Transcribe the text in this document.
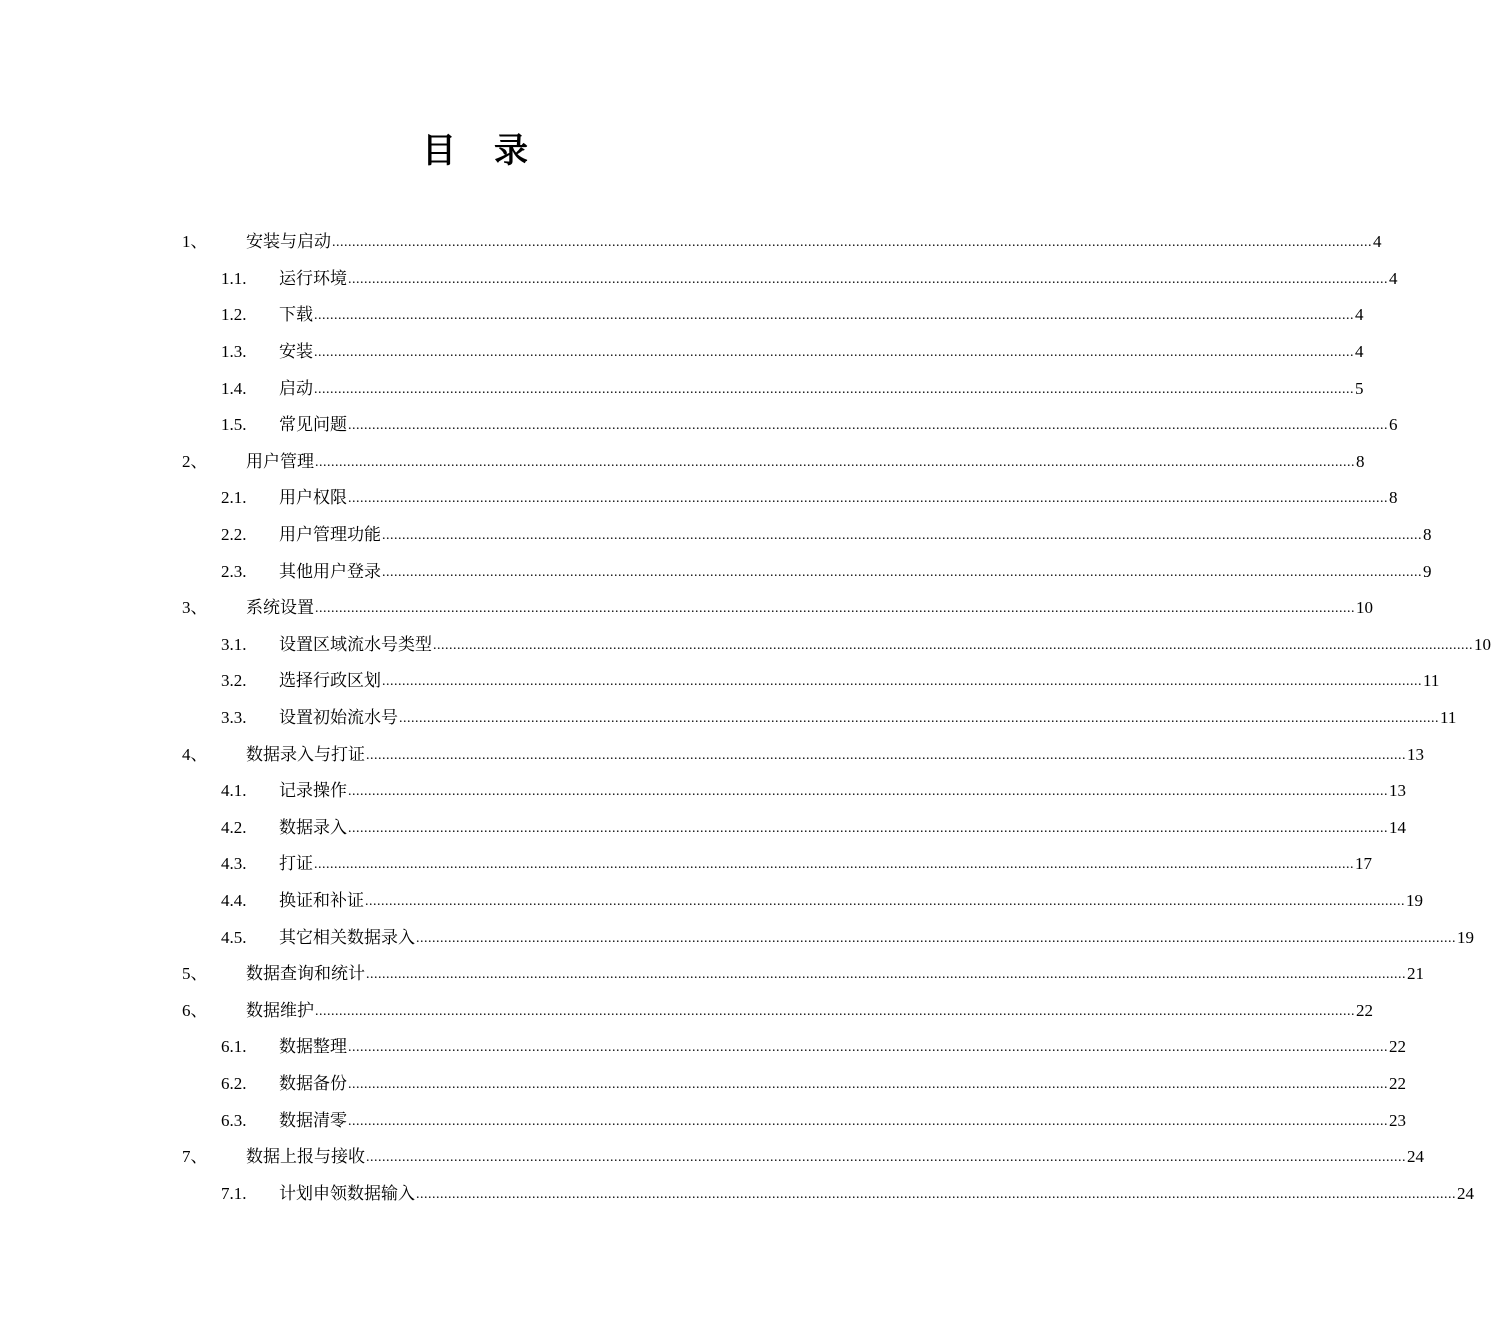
目 录
1、	安装与启动 .................................................................................................................................................................................................................................................................... 4
1.1.	运行环境 .................................................................................................................................................................................................................................................................... 4
1.2.	下载 .................................................................................................................................................................................................................................................................... 4
1.3.	安装 .................................................................................................................................................................................................................................................................... 4
1.4.	启动 .................................................................................................................................................................................................................................................................... 5
1.5.	常见问题 .................................................................................................................................................................................................................................................................... 6
2、	用户管理 .................................................................................................................................................................................................................................................................... 8
2.1.	用户权限 .................................................................................................................................................................................................................................................................... 8
2.2.	用户管理功能 .................................................................................................................................................................................................................................................................... 8
2.3.	其他用户登录 .................................................................................................................................................................................................................................................................... 9
3、	系统设置 .................................................................................................................................................................................................................................................................... 10
3.1.	设置区域流水号类型 .................................................................................................................................................................................................................................................................... 10
3.2.	选择行政区划 .................................................................................................................................................................................................................................................................... 11
3.3.	设置初始流水号 .................................................................................................................................................................................................................................................................... 11
4、	数据录入与打证 .................................................................................................................................................................................................................................................................... 13
4.1.	记录操作 .................................................................................................................................................................................................................................................................... 13
4.2.	数据录入 .................................................................................................................................................................................................................................................................... 14
4.3.	打证 .................................................................................................................................................................................................................................................................... 17
4.4.	换证和补证 .................................................................................................................................................................................................................................................................... 19
4.5.	其它相关数据录入 .................................................................................................................................................................................................................................................................... 19
5、	数据查询和统计 .................................................................................................................................................................................................................................................................... 21
6、	数据维护 .................................................................................................................................................................................................................................................................... 22
6.1.	数据整理 .................................................................................................................................................................................................................................................................... 22
6.2.	数据备份 .................................................................................................................................................................................................................................................................... 22
6.3.	数据清零 .................................................................................................................................................................................................................................................................... 23
7、	数据上报与接收 .................................................................................................................................................................................................................................................................... 24
7.1.	计划申领数据输入 .................................................................................................................................................................................................................................................................... 24
